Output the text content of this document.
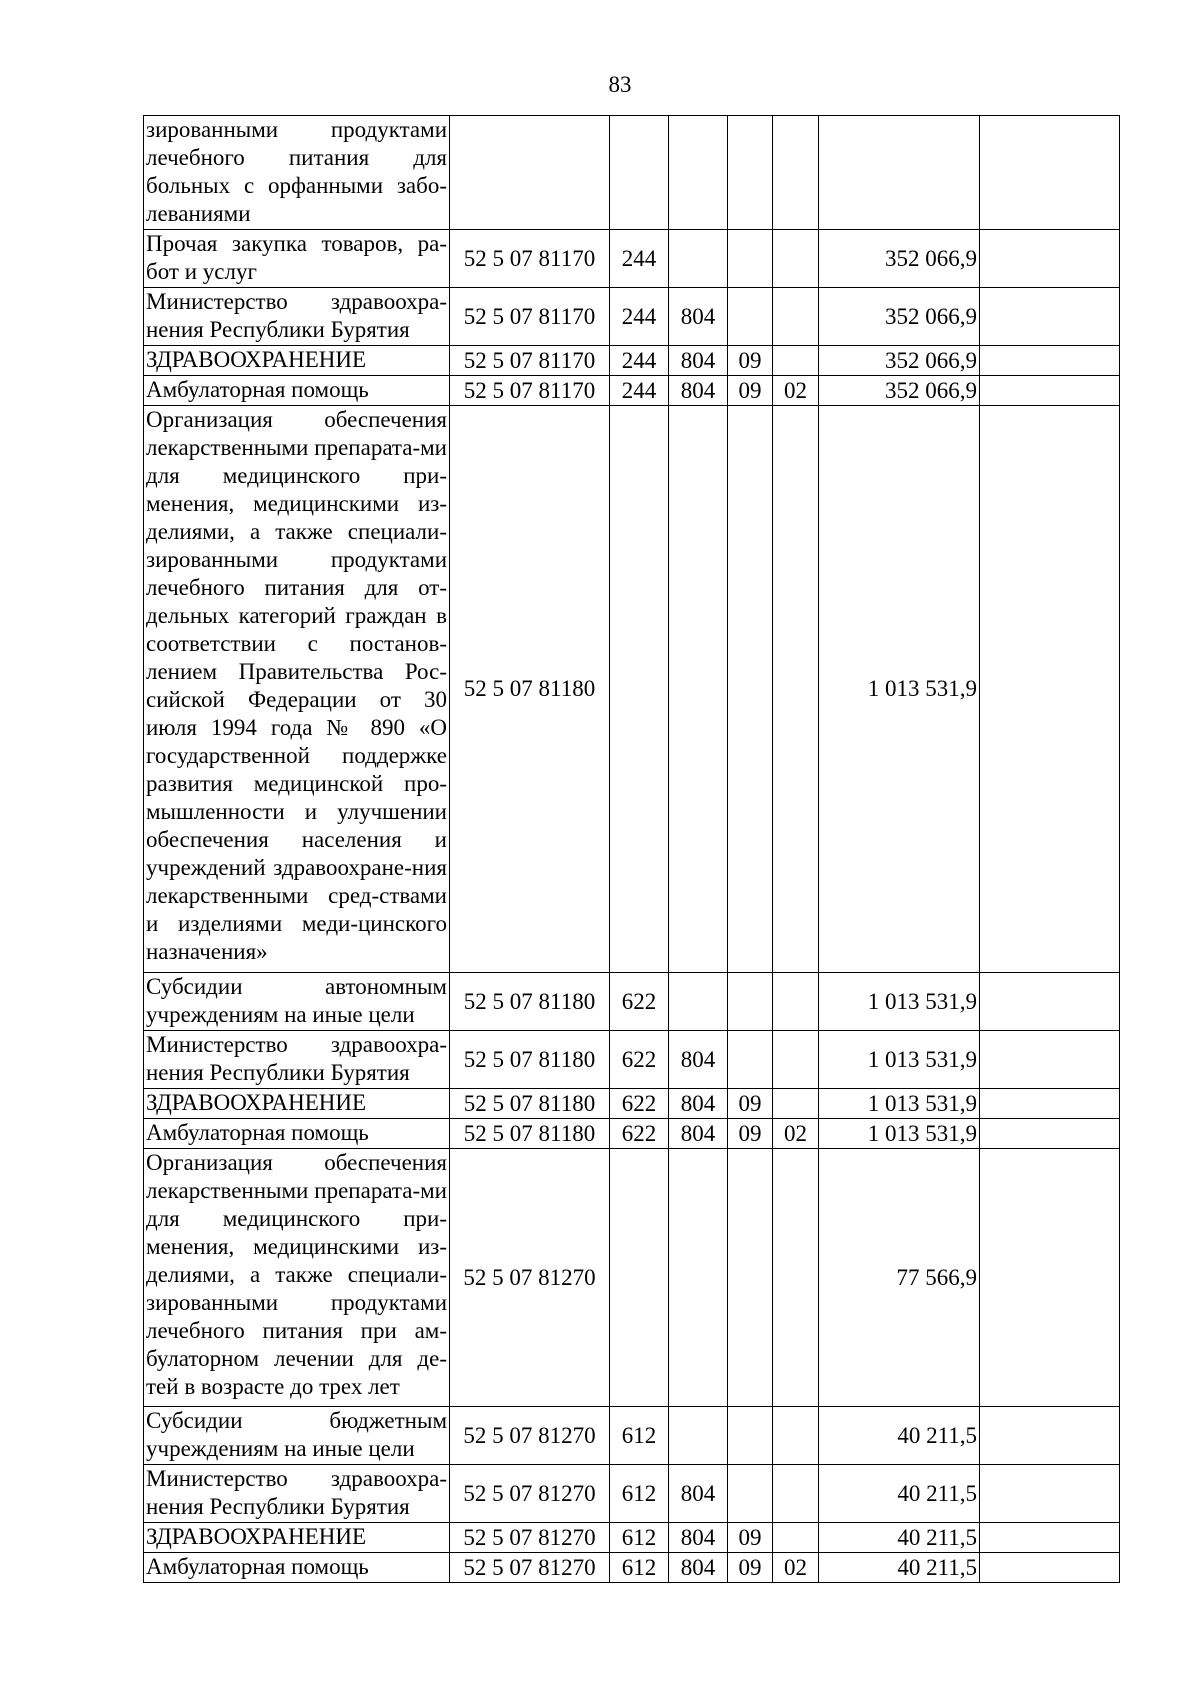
83
зированными продуктами лечебного питания для больных с орфанными забо-леваниями							
Прочая закупка товаров, ра-бот и услуг	52 5 07 81170	244				352 066,9	
Министерство здравоохра-нения Республики Бурятия	52 5 07 81170	244	804			352 066,9	
ЗДРАВООХРАНЕНИЕ	52 5 07 81170	244	804	09		352 066,9	
Амбулаторная помощь	52 5 07 81170	244	804	09	02	352 066,9	
Организация обеспечения лекарственными препарата-ми для медицинского при-менения, медицинскими из-делиями, а также специали-зированными продуктами лечебного питания для от-дельных категорий граждан в соответствии с постанов-лением Правительства Рос-сийской Федерации от 30 июля 1994 года № 890 «О государственной поддержке развития медицинской про-мышленности и улучшении обеспечения населения и учреждений здравоохране-ния лекарственными сред-ствами и изделиями меди-цинского назначения»	52 5 07 81180					1 013 531,9	
Субсидии автономным учреждениям на иные цели	52 5 07 81180	622				1 013 531,9	
Министерство здравоохра-нения Республики Бурятия	52 5 07 81180	622	804			1 013 531,9	
ЗДРАВООХРАНЕНИЕ	52 5 07 81180	622	804	09		1 013 531,9	
Амбулаторная помощь	52 5 07 81180	622	804	09	02	1 013 531,9	
Организация обеспечения лекарственными препарата-ми для медицинского при-менения, медицинскими из-делиями, а также специали-зированными продуктами лечебного питания при ам-булаторном лечении для де-тей в возрасте до трех лет	52 5 07 81270					77 566,9	
Субсидии бюджетным учреждениям на иные цели	52 5 07 81270	612				40 211,5	
Министерство здравоохра-нения Республики Бурятия	52 5 07 81270	612	804			40 211,5	
ЗДРАВООХРАНЕНИЕ	52 5 07 81270	612	804	09		40 211,5	
Амбулаторная помощь	52 5 07 81270	612	804	09	02	40 211,5	
